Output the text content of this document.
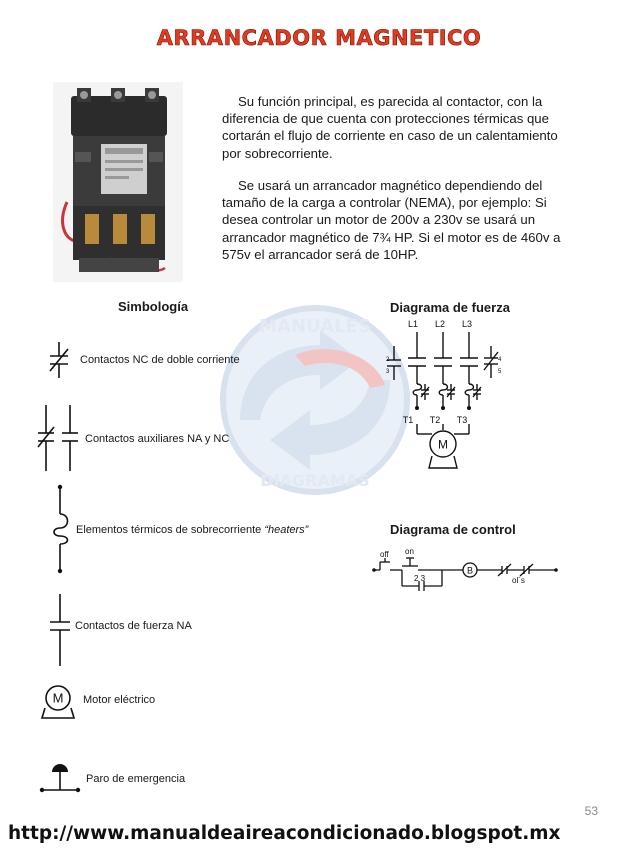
ARRANCADOR MAGNETICO
Su función principal, es parecida al contactor, con la diferencia de que cuenta con protecciones térmicas que cortarán el flujo de corriente en caso de un calentamiento por sobrecorriente.
Se usará un arrancador magnético dependiendo del tamaño de la carga a controlar (NEMA), por ejemplo: Si desea controlar un motor de 200v a 230v se usará un arrancador magnético de 7¾ HP. Si el motor es de 460v a 575v el arrancador será de 10HP.
MANUALES
DIAGRAMAS
Simbología
Contactos NC de doble corriente
Contactos auxiliares NA y NC
Elementos térmicos de sobrecorriente “heaters”
Contactos de fuerza NA
M Motor eléctrico
Paro de emergencia
Diagrama de fuerza
L1 L2 L3
2
3
4
5
T1 T2 T3
M
Diagrama de control
off on
2 3
B
ol´s
53
http://www.manualdeaireacondicionado.blogspot.mx
